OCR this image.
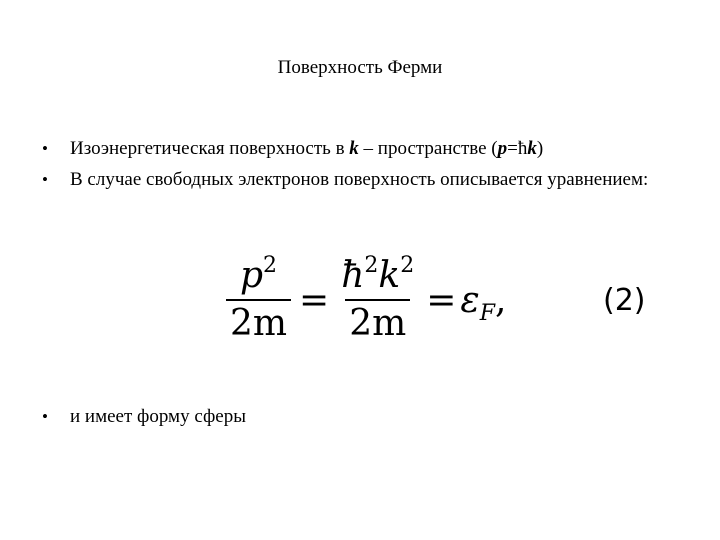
Поверхность Ферми
•	Изоэнергетическая поверхность в k – пространстве (p=ħk)
•	В случае свободных электронов поверхность описывается уравнением:
$\frac{p^2}{2m} = \frac{ħ^2k^2}{2m} = \varepsilon_F$ ,	(2)
•	и имеет форму сферы
